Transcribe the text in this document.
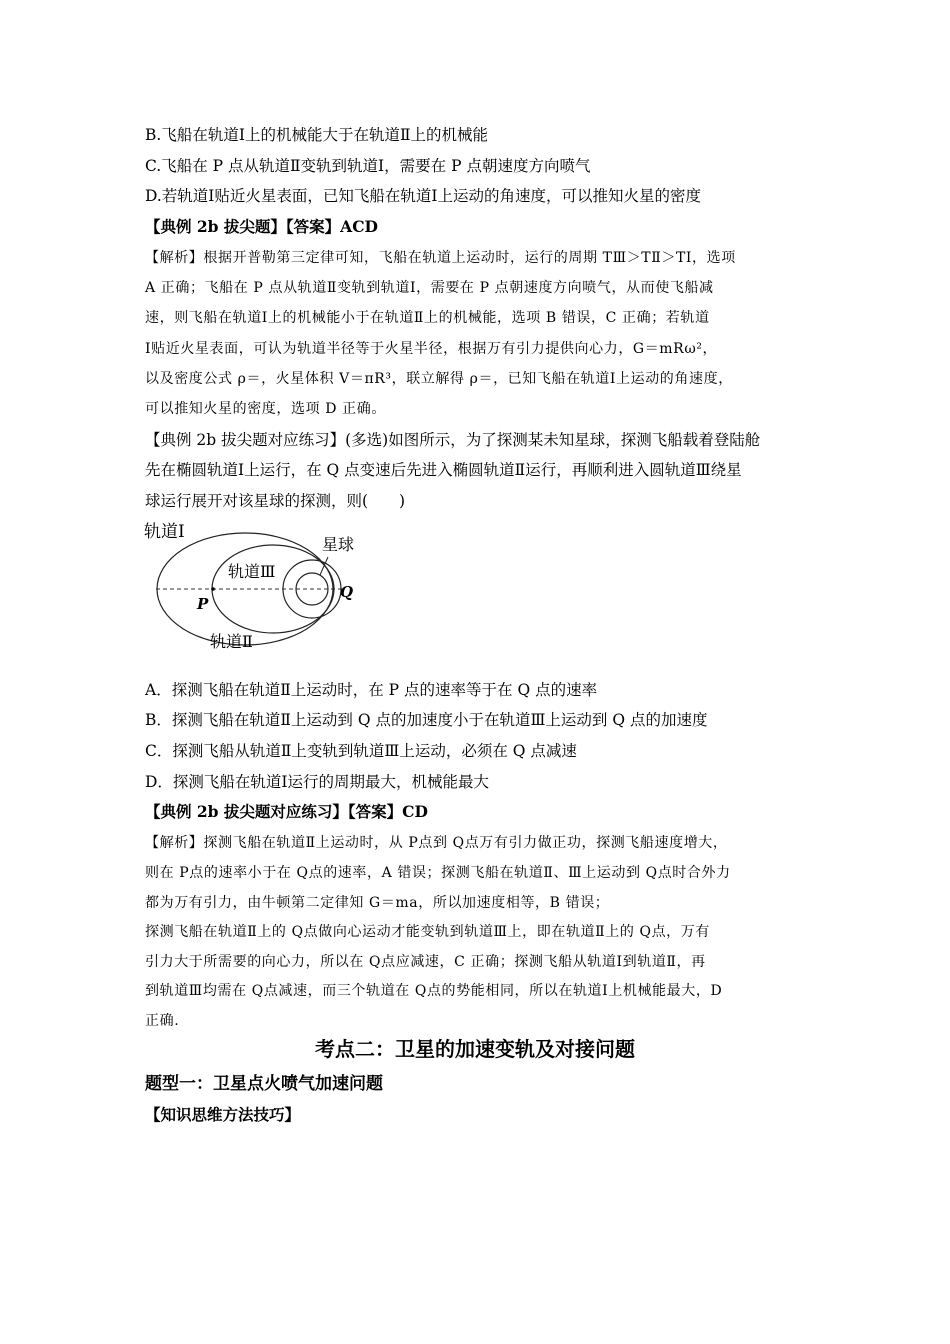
B.飞船在轨道Ⅰ上的机械能大于在轨道Ⅱ上的机械能
C.飞船在 P 点从轨道Ⅱ变轨到轨道Ⅰ，需要在 P 点朝速度方向喷气
D.若轨道Ⅰ贴近火星表面，已知飞船在轨道Ⅰ上运动的角速度，可以推知火星的密度
【典例 2b 拔尖题】【答案】ACD
【解析】根据开普勒第三定律可知，飞船在轨道上运动时，运行的周期 TⅢ＞TⅡ＞TⅠ，选项
A 正确；飞船在 P 点从轨道Ⅱ变轨到轨道Ⅰ，需要在 P 点朝速度方向喷气，从而使飞船减
速，则飞船在轨道Ⅰ上的机械能小于在轨道Ⅱ上的机械能，选项 B 错误，C 正确；若轨道
Ⅰ贴近火星表面，可认为轨道半径等于火星半径，根据万有引力提供向心力，G＝mRω²，
以及密度公式 ρ＝，火星体积 V＝πR³，联立解得 ρ＝，已知飞船在轨道Ⅰ上运动的角速度，
可以推知火星的密度，选项 D 正确。
【典例 2b 拔尖题对应练习】(多选)如图所示，为了探测某未知星球，探测飞船载着登陆舱
先在椭圆轨道Ⅰ上运行，在 Q 点变速后先进入椭圆轨道Ⅱ运行，再顺利进入圆轨道Ⅲ绕星
球运行展开对该星球的探测，则(　　)
轨道Ⅰ
轨道Ⅲ
轨道Ⅱ
星球
P
Q
A．探测飞船在轨道Ⅱ上运动时，在 P 点的速率等于在 Q 点的速率
B．探测飞船在轨道Ⅱ上运动到 Q 点的加速度小于在轨道Ⅲ上运动到 Q 点的加速度
C．探测飞船从轨道Ⅱ上变轨到轨道Ⅲ上运动，必须在 Q 点减速
D．探测飞船在轨道Ⅰ运行的周期最大，机械能最大
【典例 2b 拔尖题对应练习】【答案】CD
【解析】探测飞船在轨道Ⅱ上运动时，从 P点到 Q点万有引力做正功，探测飞船速度增大，
则在 P点的速率小于在 Q点的速率，A 错误；探测飞船在轨道Ⅱ、Ⅲ上运动到 Q点时合外力
都为万有引力，由牛顿第二定律知 G＝ma，所以加速度相等，B 错误；
探测飞船在轨道Ⅱ上的 Q点做向心运动才能变轨到轨道Ⅲ上，即在轨道Ⅱ上的 Q点，万有
引力大于所需要的向心力，所以在 Q点应减速，C 正确；探测飞船从轨道Ⅰ到轨道Ⅱ，再
到轨道Ⅲ均需在 Q点减速，而三个轨道在 Q点的势能相同，所以在轨道Ⅰ上机械能最大，D
正确.
考点二：卫星的加速变轨及对接问题
题型一：卫星点火喷气加速问题
【知识思维方法技巧】
